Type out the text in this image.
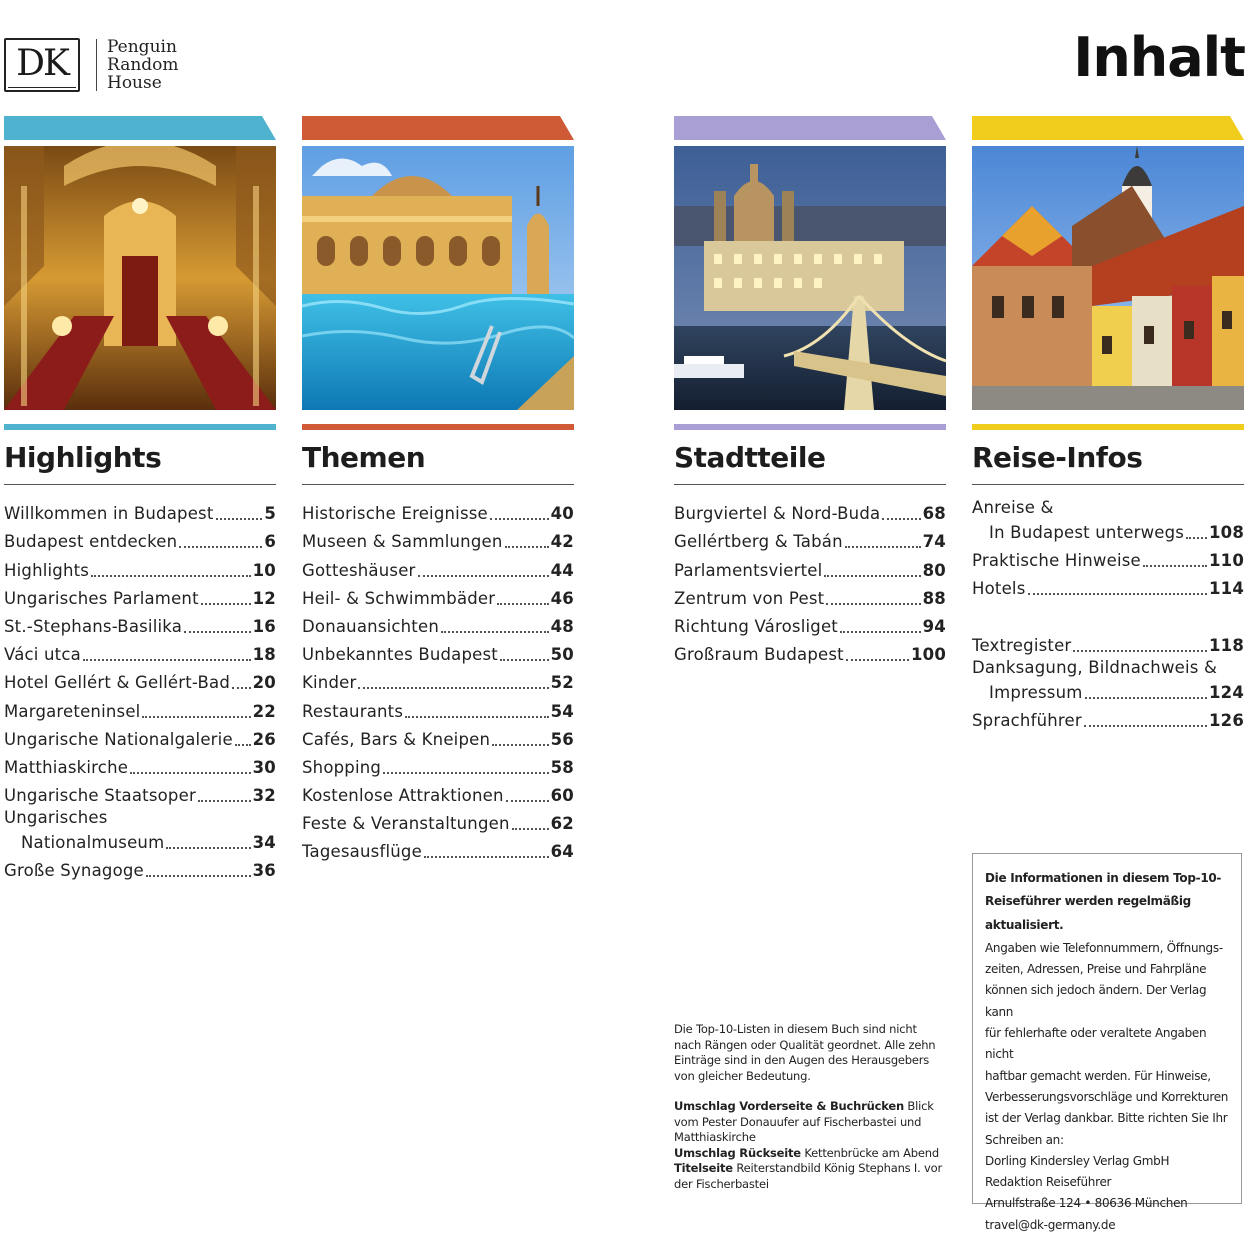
DK	Penguin
Random
House	Inhalt
Highlights
Willkommen in Budapest	5
Budapest entdecken	6
Highlights	10
Ungarisches Parlament	12
St.-Stephans-Basilika	16
Váci utca	18
Hotel Gellért & Gellért-Bad 20
Margareteninsel	22
Ungarische Nationalgalerie 26
Matthiaskirche	30
Ungarische Staatsoper	32
Ungarisches
Nationalmuseum	34
Große Synagoge	36
Themen
Historische Ereignisse	40
Museen & Sammlungen	42
Gotteshäuser	44
Heil- & Schwimmbäder	46
Donauansichten	48
Unbekanntes Budapest	50
Kinder	52
Restaurants	54
Cafés, Bars & Kneipen	56
Shopping	58
Kostenlose Attraktionen	60
Feste & Veranstaltungen 62
Tagesausflüge	64
Stadtteile
Burgviertel & Nord-Buda	68
Gellértberg & Tabán	74
Parlamentsviertel	80
Zentrum von Pest	88
Richtung Városliget	94
Großraum Budapest	100
Reise-Infos
Anreise &
In Budapest unterwegs 108
Praktische Hinweise	110
Hotels	114
Textregister	118
Danksagung, Bildnachweis &
Impressum	124
Sprachführer	126

Die Top-10-Listen in diesem Buch sind nicht

nach Rängen oder Qualität geordnet. Alle zehn

Einträge sind in den Augen des Herausgebers

von gleicher Bedeutung.

Umschlag Vorderseite & Buchrücken Blick vom Pester Donauufer auf Fischerbastei und Matthiaskirche

Umschlag Rückseite Kettenbrücke am Abend

Titelseite Reiterstandbild König Stephans I. vor der Fischerbastei

Die Informationen in diesem Top-10-

Reiseführer werden regelmäßig

aktualisiert.

Angaben wie Telefonnummern, Öffnungs-

zeiten, Adressen, Preise und Fahrpläne

können sich jedoch ändern. Der Verlag kann

für fehlerhafte oder veraltete Angaben nicht

haftbar gemacht werden. Für Hinweise,

Verbesserungsvorschläge und Korrekturen

ist der Verlag dankbar. Bitte richten Sie Ihr

Schreiben an:

Dorling Kindersley Verlag GmbH

Redaktion Reiseführer

Arnulfstraße 124 • 80636 München

travel@dk-germany.de
